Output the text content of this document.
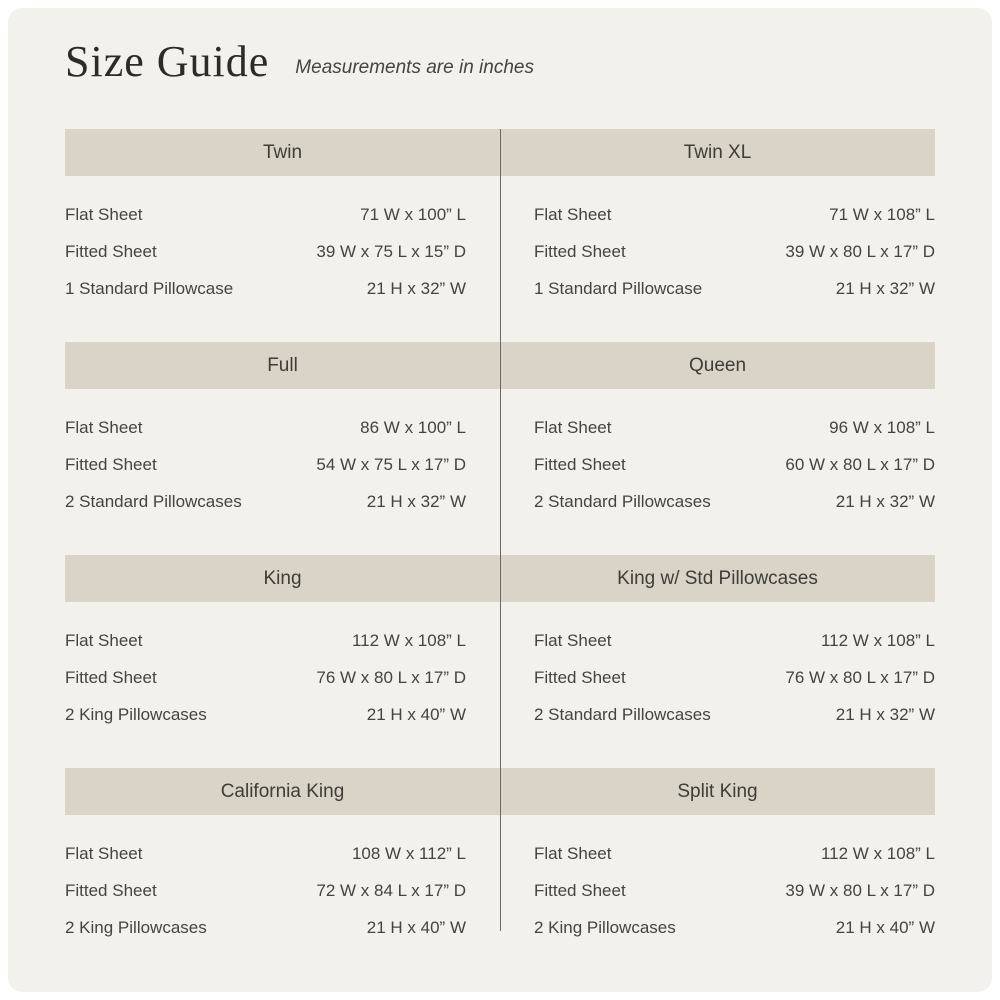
Size Guide Measurements are in inches
Twin
Flat Sheet	71 W x 100” L
Fitted Sheet	39 W x 75 L x 15” D
1 Standard Pillowcase	21 H x 32” W
Twin XL
Flat Sheet	71 W x 108” L
Fitted Sheet	39 W x 80 L x 17” D
1 Standard Pillowcase	21 H x 32” W
Full
Flat Sheet	86 W x 100” L
Fitted Sheet	54 W x 75 L x 17” D
2 Standard Pillowcases	21 H x 32” W
Queen
Flat Sheet	96 W x 108” L
Fitted Sheet	60 W x 80 L x 17” D
2 Standard Pillowcases	21 H x 32” W
King
Flat Sheet	112 W x 108” L
Fitted Sheet	76 W x 80 L x 17” D
2 King Pillowcases	21 H x 40” W
King w/ Std Pillowcases
Flat Sheet	112 W x 108” L
Fitted Sheet	76 W x 80 L x 17” D
2 Standard Pillowcases	21 H x 32” W
California King
Flat Sheet	108 W x 112” L
Fitted Sheet	72 W x 84 L x 17” D
2 King Pillowcases	21 H x 40” W
Split King
Flat Sheet	112 W x 108” L
Fitted Sheet	39 W x 80 L x 17” D
2 King Pillowcases	21 H x 40” W
